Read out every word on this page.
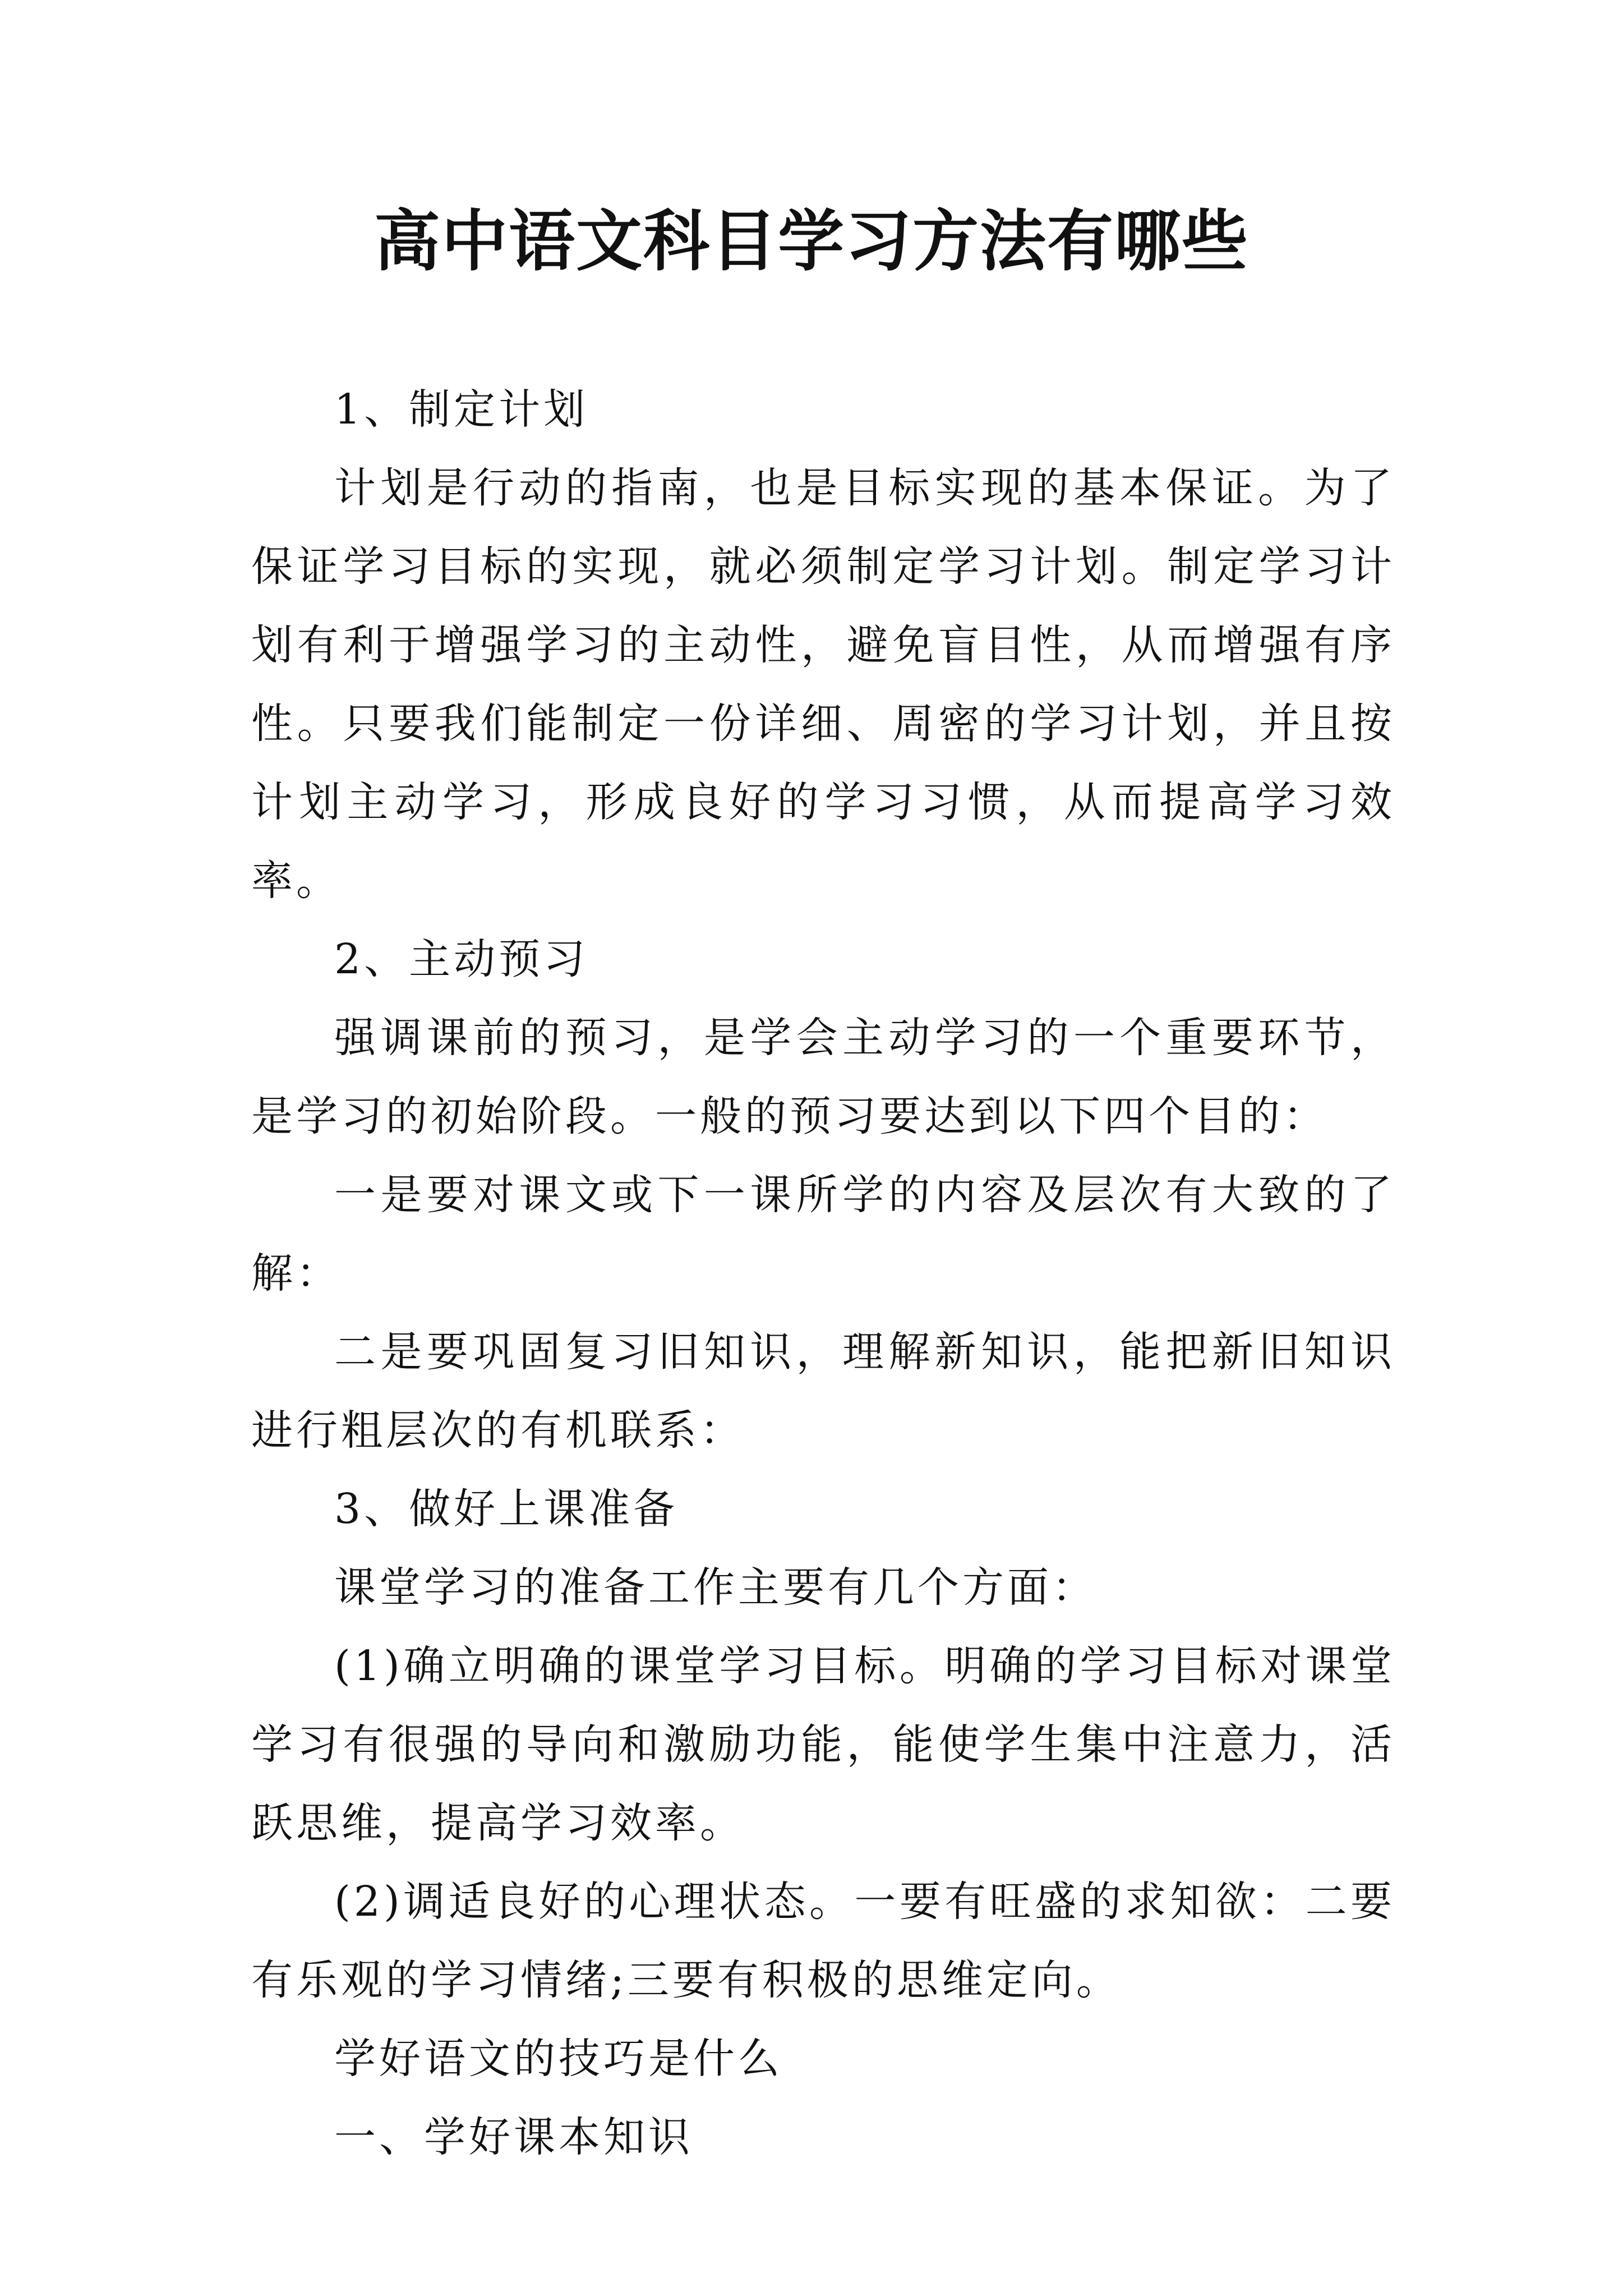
高中语文科目学习方法有哪些

1、制定计划

计划是行动的指南，也是目标实现的基本保证。为了保证学习目标的实现，就必须制定学习计划。制定学习计划有利于增强学习的主动性，避免盲目性，从而增强有序性。只要我们能制定一份详细、周密的学习计划，并且按计划主动学习，形成良好的学习习惯，从而提高学习效率。

2、主动预习

强调课前的预习，是学会主动学习的一个重要环节，是学习的初始阶段。一般的预习要达到以下四个目的：

一是要对课文或下一课所学的内容及层次有大致的了解：

二是要巩固复习旧知识，理解新知识，能把新旧知识进行粗层次的有机联系：

3、做好上课准备

课堂学习的准备工作主要有几个方面：

(1)确立明确的课堂学习目标。明确的学习目标对课堂学习有很强的导向和激励功能，能使学生集中注意力，活跃思维，提高学习效率。

(2)调适良好的心理状态。一要有旺盛的求知欲：二要有乐观的学习情绪;三要有积极的思维定向。

学好语文的技巧是什么

一、学好课本知识
